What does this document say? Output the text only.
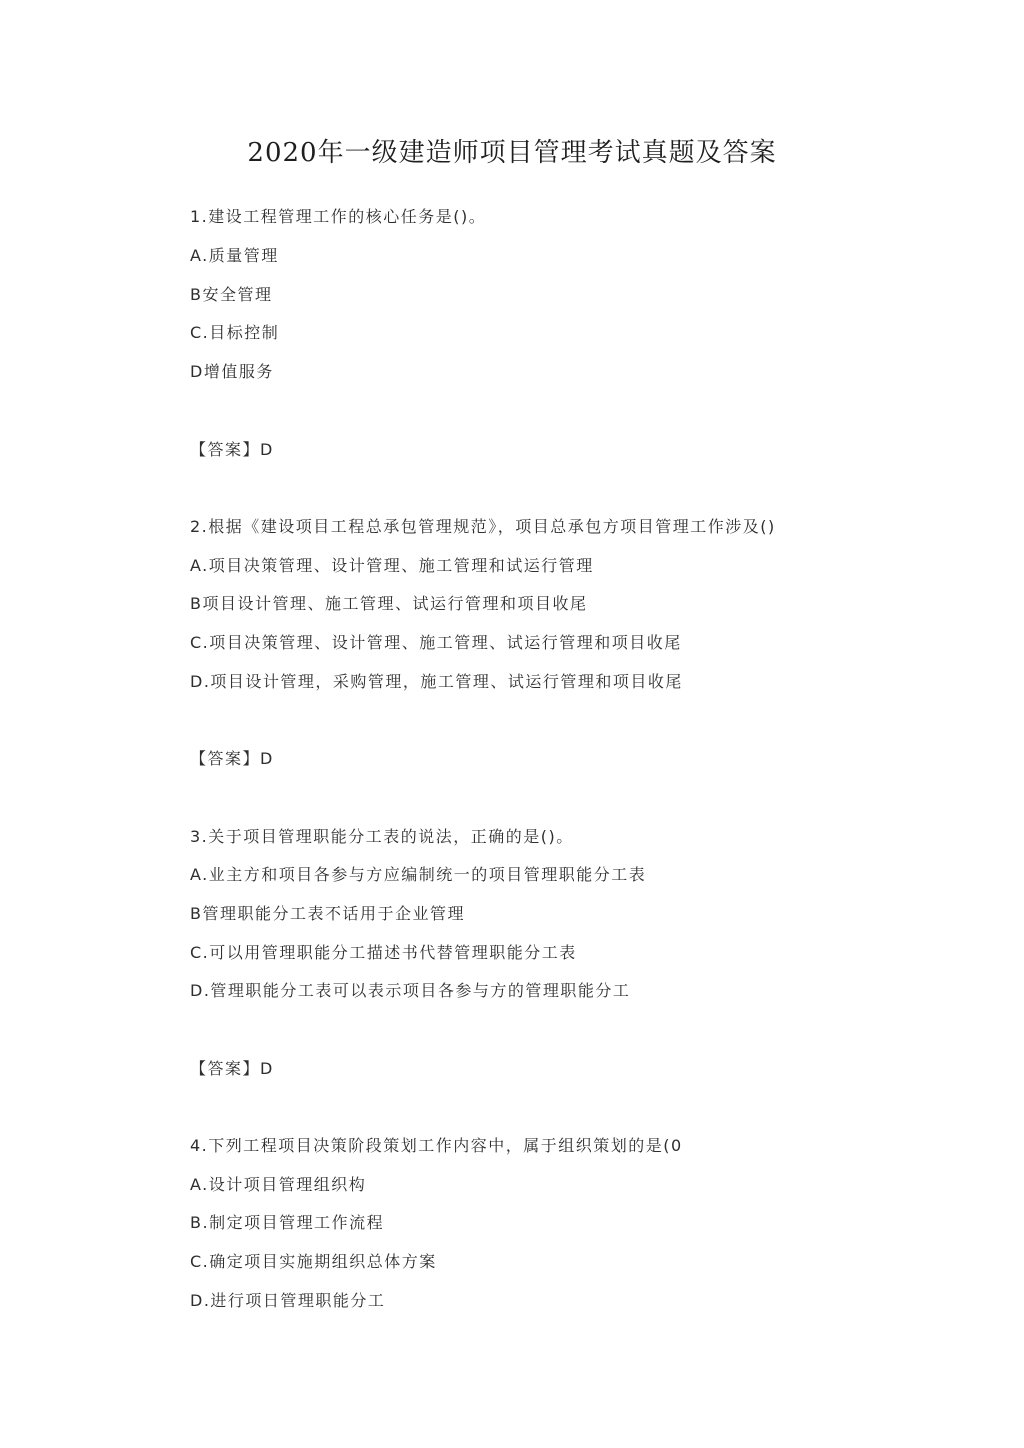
2020年一级建造师项目管理考试真题及答案
1.建设工程管理工作的核心任务是()。
A.质量管理
B安全管理
C.目标控制
D增值服务
【答案】D
2.根据《建设项目工程总承包管理规范》，项目总承包方项目管理工作涉及()
A.项目决策管理、设计管理、施工管理和试运行管理
B项目设计管理、施工管理、试运行管理和项目收尾
C.项目决策管理、设计管理、施工管理、试运行管理和项目收尾
D.项目设计管理，采购管理，施工管理、试运行管理和项目收尾
【答案】D
3.关于项目管理职能分工表的说法，正确的是()。
A.业主方和项目各参与方应编制统一的项目管理职能分工表
B管理职能分工表不话用于企业管理
C.可以用管理职能分工描述书代替管理职能分工表
D.管理职能分工表可以表示项目各参与方的管理职能分工
【答案】D
4.下列工程项目决策阶段策划工作内容中，属于组织策划的是(0
A.设计项目管理组织构
B.制定项目管理工作流程
C.确定项目实施期组织总体方案
D.进行项日管理职能分工
